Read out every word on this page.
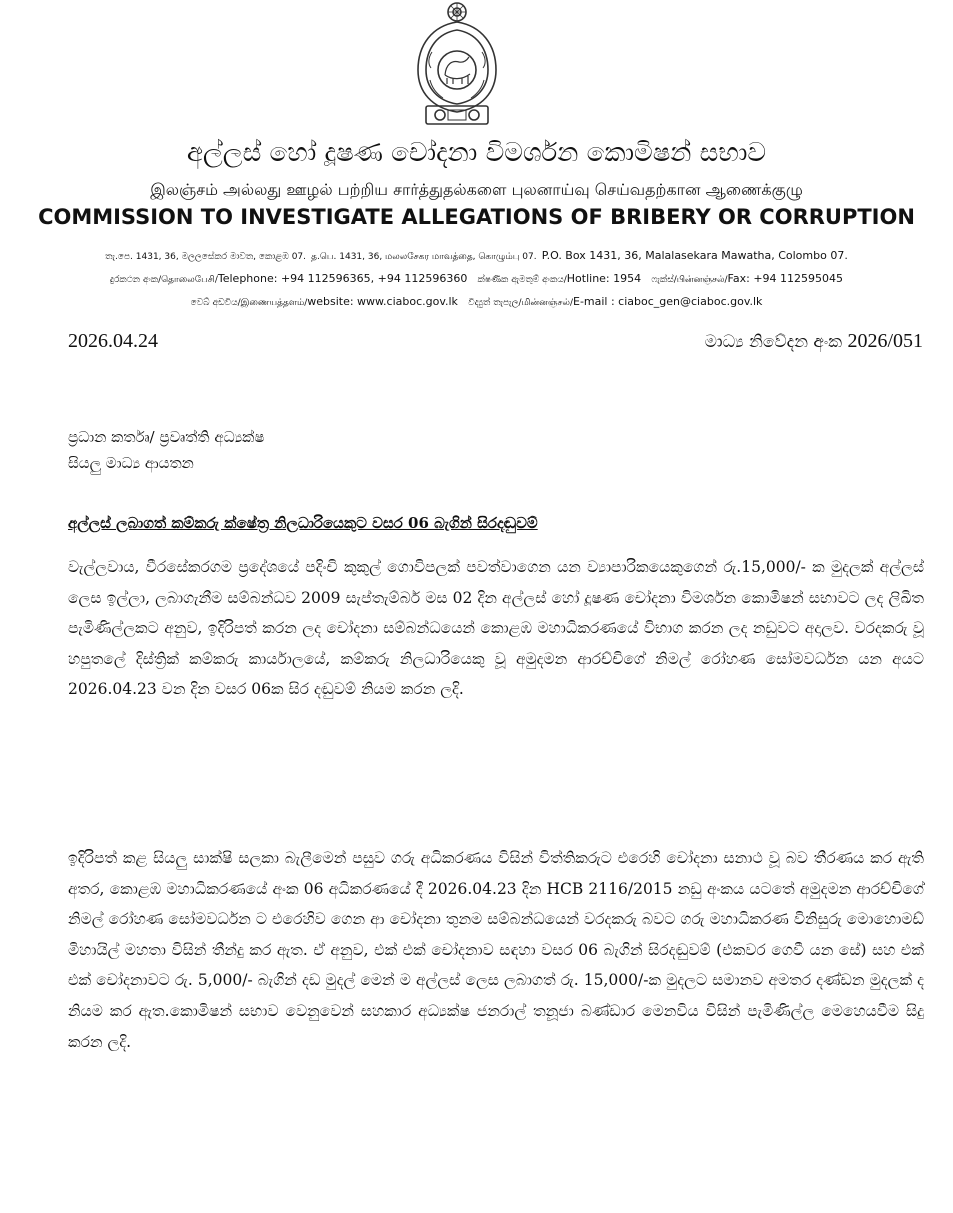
අල්ලස් හෝ දූෂණ චෝදනා විමර්ශන කොමිෂන් සභාව
இலஞ்சம் அல்லது ஊழல் பற்றிய சார்த்துதல்களை புலனாய்வு செய்வதற்கான ஆணைக்குழு
COMMISSION TO INVESTIGATE ALLEGATIONS OF BRIBERY OR CORRUPTION
තැ.පෙ. 1431, 36, මලලසේකර මාවත, කොළඹ 07. த.பெ. 1431, 36, மலலசேகர மாவத்தை, கொழும்பு 07. P.O. Box 1431, 36, Malalasekara Mawatha, Colombo 07.
දුරකථන අංක/தொலைபேசி/Telephone: +94 112596365, +94 112596360 ක්ෂණික ඇමතුම් අංකය/Hotline: 1954 ෆැක්ස්/பின்னஞ்சல்/Fax: +94 112595045
වෙබ් අඩවිය/இணையத்தளம்/website: www.ciaboc.gov.lk විද්‍යුත් තැපැල/மின்னஞ்சல்/E-mail : ciaboc_gen@ciaboc.gov.lk
2026.04.24	මාධ්‍ය නිවේදන අංක 2026/051
ප්‍රධාන කර්තෘ/ ප්‍රවෘත්ති අධ්‍යක්ෂ
සියලු මාධ්‍ය ආයතන
අල්ලස් ලබාගත් කම්කරු ක්ෂේත්‍ර නිලධාරියෙකුට වසර 06 බැගින් සිරදඬුවම්
වැල්ලවාය, වීරසේකරගම ප්‍රදේශයේ පදිංචි කුකුල් ගොවිපලක් පවත්වාගෙන යන ව්‍යාපාරිකයෙකුගෙන් රු.15,000/- ක මුදලක් අල්ලස් ලෙස ඉල්ලා, ලබාගැනීම සම්බන්ධව 2009 සැප්තැම්බර් මස 02 දින අල්ලස් හෝ දූෂණ චෝදනා විමර්ශන කොමිෂන් සභාවට ලද ලිඛිත පැමිණිල්ලකට අනුව, ඉදිරිපත් කරන ලද චෝදනා සම්බන්ධයෙන් කොළඹ මහාධිකරණයේ විභාග කරන ලද නඩුවට අදාලව. වරදකරු වූ හපුතලේ දිස්ත්‍රික් කම්කරු කාර්යාලයේ, කම්කරු නිලධාරියෙකු වූ අමුදමන ආරච්චිගේ නිමල් රෝහණ සෝමවර්ධන යන අයට 2026.04.23 වන දින වසර 06ක සිර දඬුවම් නියම කරන ලදි.
ඉදිරිපත් කළ සියලු සාක්ෂි සලකා බැලීමෙන් පසුව ගරු අධිකරණය විසින් විත්තිකරුට එරෙහි චෝදනා සනාථ වූ බව තීරණය කර ඇති අතර, කොළඹ මහාධිකරණයේ අංක 06 අධිකරණයේ දී 2026.04.23 දින HCB 2116/2015 නඩු අංකය යටතේ අමුදමන ආරච්චිගේ නිමල් රෝහණ සෝමවර්ධන ට එරෙහිව ගෙන ආ චෝදනා තුනම සම්බන්ධයෙන් වරදකරු බවට ගරු මහාධිකරණ විනිසුරු මොහොමඩ් මිහායිල් මහතා විසින් තීන්දු කර ඇත. ඒ අනුව, එක් එක් චෝදනාව සඳහා වසර 06 බැගින් සිරදඬුවම් (එකවර ගෙවී යන සේ) සහ එක් එක් චෝදනාවට රු. 5,000/- බැගින් දඩ මුදල් මෙන් ම අල්ලස් ලෙස ලබාගත් රු. 15,000/-ක මුදලට සමානව අමතර දණ්ඩන මුදලක් ද නියම කර ඇත.කොමිෂන් සභාව වෙනුවෙන් සහකාර අධ්‍යක්ෂ ජනරාල් තනූජා බණ්ඩාර මෙනවිය විසින් පැමිණිල්ල මෙහෙයවීම සිදු කරන ලදි.
